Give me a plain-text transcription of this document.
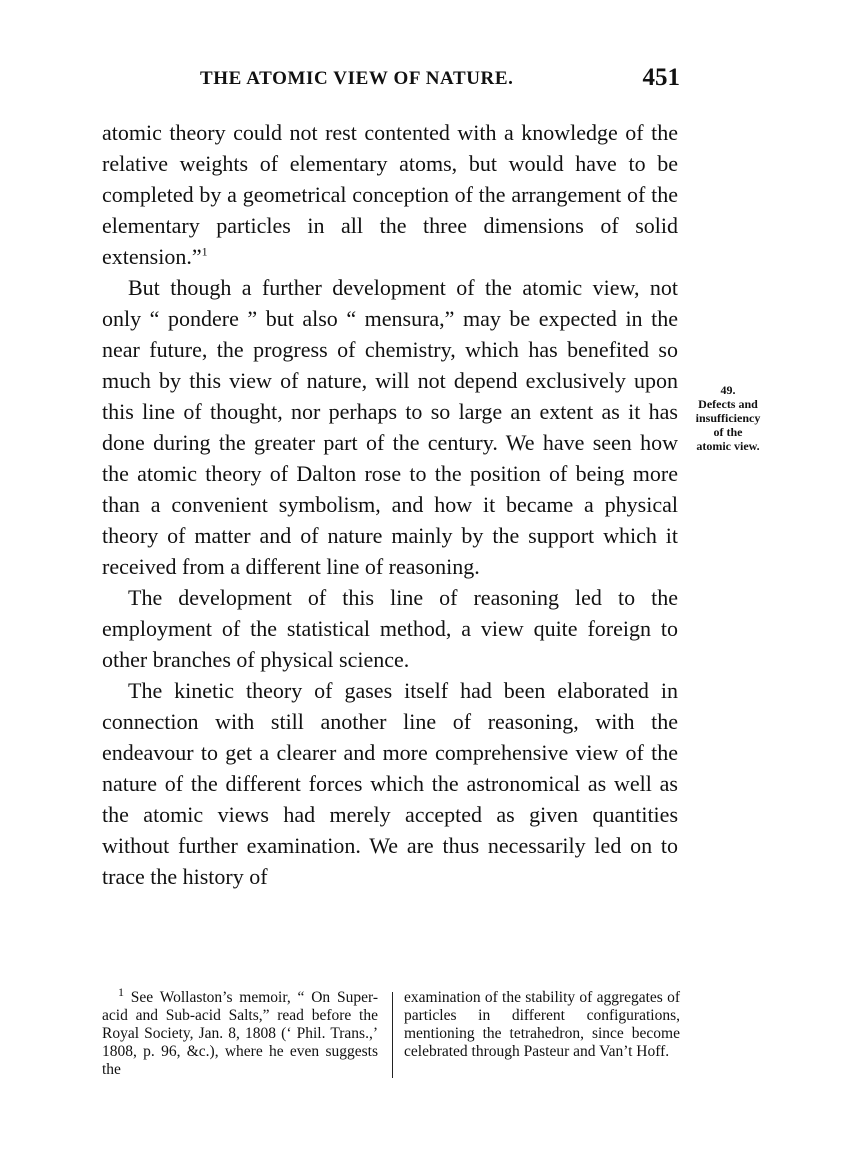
THE ATOMIC VIEW OF NATURE.	451

atomic theory could not rest contented with a knowledge of the relative weights of elementary atoms, but would have to be completed by a geometrical conception of the arrangement of the elementary particles in all the three dimensions of solid extension.”$^1$

But though a further development of the atomic view, not only “ pondere ” but also “ mensura,” may be expected in the near future, the progress of chemistry, which has benefited so much by this view of nature, will not depend exclusively upon this line of thought, nor perhaps to so large an extent as it has done during the greater part of the century. We have seen how the atomic theory of Dalton rose to the position of being more than a convenient symbolism, and how it became a physical theory of matter and of nature mainly by the support which it received from a different line of reasoning.

The development of this line of reasoning led to the employment of the statistical method, a view quite foreign to other branches of physical science.

The kinetic theory of gases itself had been elaborated in connection with still another line of reasoning, with the endeavour to get a clearer and more comprehensive view of the nature of the different forces which the astronomical as well as the atomic views had merely accepted as given quantities without further examination. We are thus necessarily led on to trace the history of

49.
Defects and
insufficiency
of the
atomic view.
$^1$ See Wollaston’s memoir, “ On Super-acid and Sub-acid Salts,” read before the Royal Society, Jan. 8, 1808 (‘ Phil. Trans.,’ 1808, p. 96, &c.), where he even suggests the
examination of the stability of aggregates of particles in different configurations, mentioning the tetrahedron, since become celebrated through Pasteur and Van’t Hoff.
